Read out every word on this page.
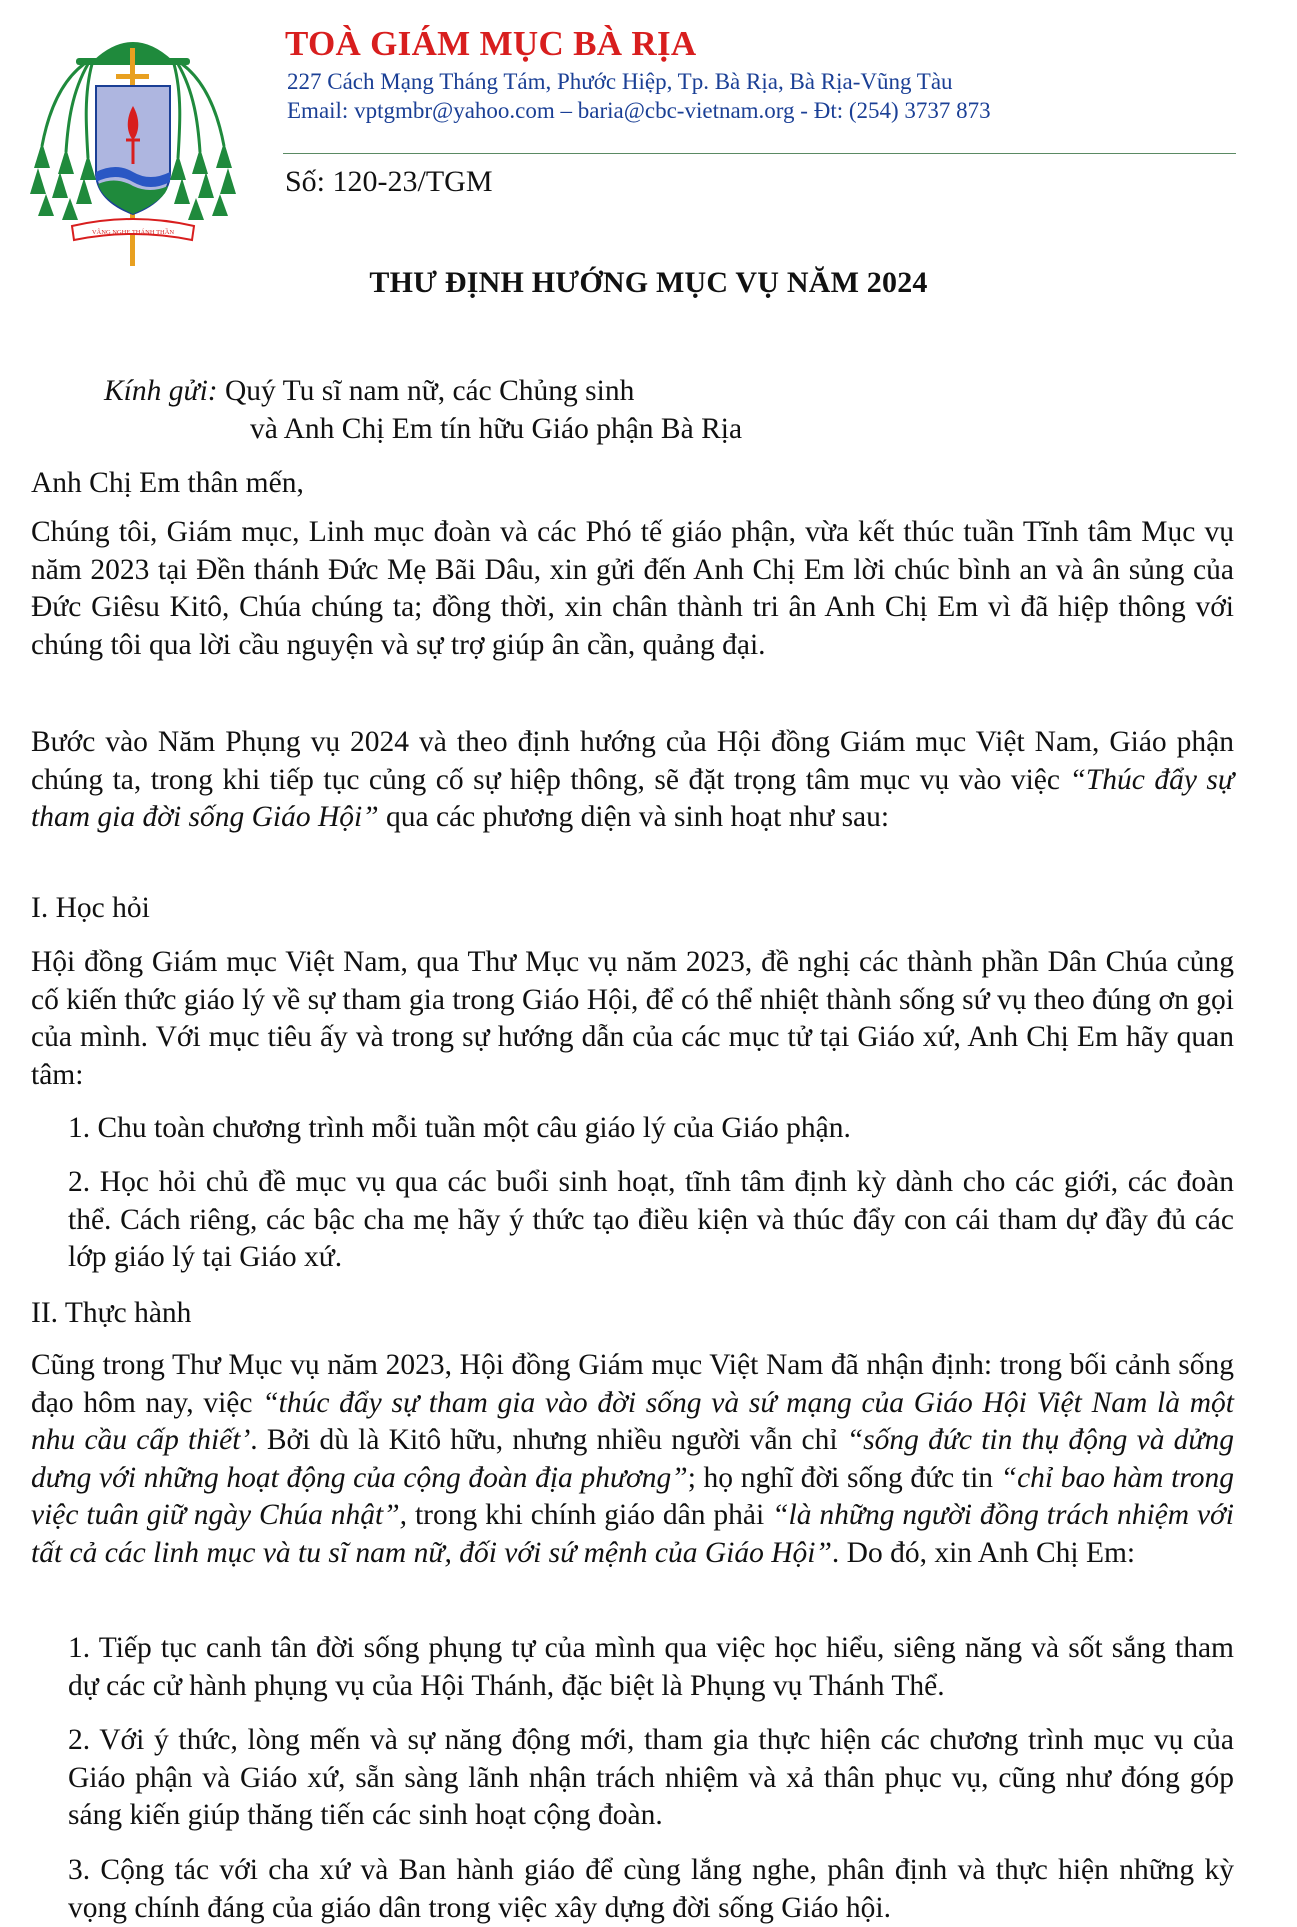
VÂNG NGHE THÁNH THẦN
TOÀ GIÁM MỤC BÀ RỊA
227 Cách Mạng Tháng Tám, Phước Hiệp, Tp. Bà Rịa, Bà Rịa-Vũng Tàu
Email: vptgmbr@yahoo.com – baria@cbc-vietnam.org - Đt: (254) 3737 873
Số: 120-23/TGM
THƯ ĐỊNH HƯỚNG MỤC VỤ NĂM 2024
Kính gửi: Quý Tu sĩ nam nữ, các Chủng sinh
và Anh Chị Em tín hữu Giáo phận Bà Rịa
Anh Chị Em thân mến,
Chúng tôi, Giám mục, Linh mục đoàn và các Phó tế giáo phận, vừa kết thúc tuần Tĩnh tâm Mục vụ năm 2023 tại Đền thánh Đức Mẹ Bãi Dâu, xin gửi đến Anh Chị Em lời chúc bình an và ân sủng của Đức Giêsu Kitô, Chúa chúng ta; đồng thời, xin chân thành tri ân Anh Chị Em vì đã hiệp thông với chúng tôi qua lời cầu nguyện và sự trợ giúp ân cần, quảng đại.
Bước vào Năm Phụng vụ 2024 và theo định hướng của Hội đồng Giám mục Việt Nam, Giáo phận chúng ta, trong khi tiếp tục củng cố sự hiệp thông, sẽ đặt trọng tâm mục vụ vào việc “Thúc đẩy sự tham gia đời sống Giáo Hội” qua các phương diện và sinh hoạt như sau:
I. Học hỏi
Hội đồng Giám mục Việt Nam, qua Thư Mục vụ năm 2023, đề nghị các thành phần Dân Chúa củng cố kiến thức giáo lý về sự tham gia trong Giáo Hội, để có thể nhiệt thành sống sứ vụ theo đúng ơn gọi của mình. Với mục tiêu ấy và trong sự hướng dẫn của các mục tử tại Giáo xứ, Anh Chị Em hãy quan tâm:
1. Chu toàn chương trình mỗi tuần một câu giáo lý của Giáo phận.
2. Học hỏi chủ đề mục vụ qua các buổi sinh hoạt, tĩnh tâm định kỳ dành cho các giới, các đoàn thể. Cách riêng, các bậc cha mẹ hãy ý thức tạo điều kiện và thúc đẩy con cái tham dự đầy đủ các lớp giáo lý tại Giáo xứ.
II. Thực hành
Cũng trong Thư Mục vụ năm 2023, Hội đồng Giám mục Việt Nam đã nhận định: trong bối cảnh sống đạo hôm nay, việc “thúc đẩy sự tham gia vào đời sống và sứ mạng của Giáo Hội Việt Nam là một nhu cầu cấp thiết’. Bởi dù là Kitô hữu, nhưng nhiều người vẫn chỉ “sống đức tin thụ động và dửng dưng với những hoạt động của cộng đoàn địa phương”; họ nghĩ đời sống đức tin “chỉ bao hàm trong việc tuân giữ ngày Chúa nhật”, trong khi chính giáo dân phải “là những người đồng trách nhiệm với tất cả các linh mục và tu sĩ nam nữ, đối với sứ mệnh của Giáo Hội”. Do đó, xin Anh Chị Em:
1. Tiếp tục canh tân đời sống phụng tự của mình qua việc học hiểu, siêng năng và sốt sắng tham dự các cử hành phụng vụ của Hội Thánh, đặc biệt là Phụng vụ Thánh Thể.
2. Với ý thức, lòng mến và sự năng động mới, tham gia thực hiện các chương trình mục vụ của Giáo phận và Giáo xứ, sẵn sàng lãnh nhận trách nhiệm và xả thân phục vụ, cũng như đóng góp sáng kiến giúp thăng tiến các sinh hoạt cộng đoàn.
3. Cộng tác với cha xứ và Ban hành giáo để cùng lắng nghe, phân định và thực hiện những kỳ vọng chính đáng của giáo dân trong việc xây dựng đời sống Giáo hội.
